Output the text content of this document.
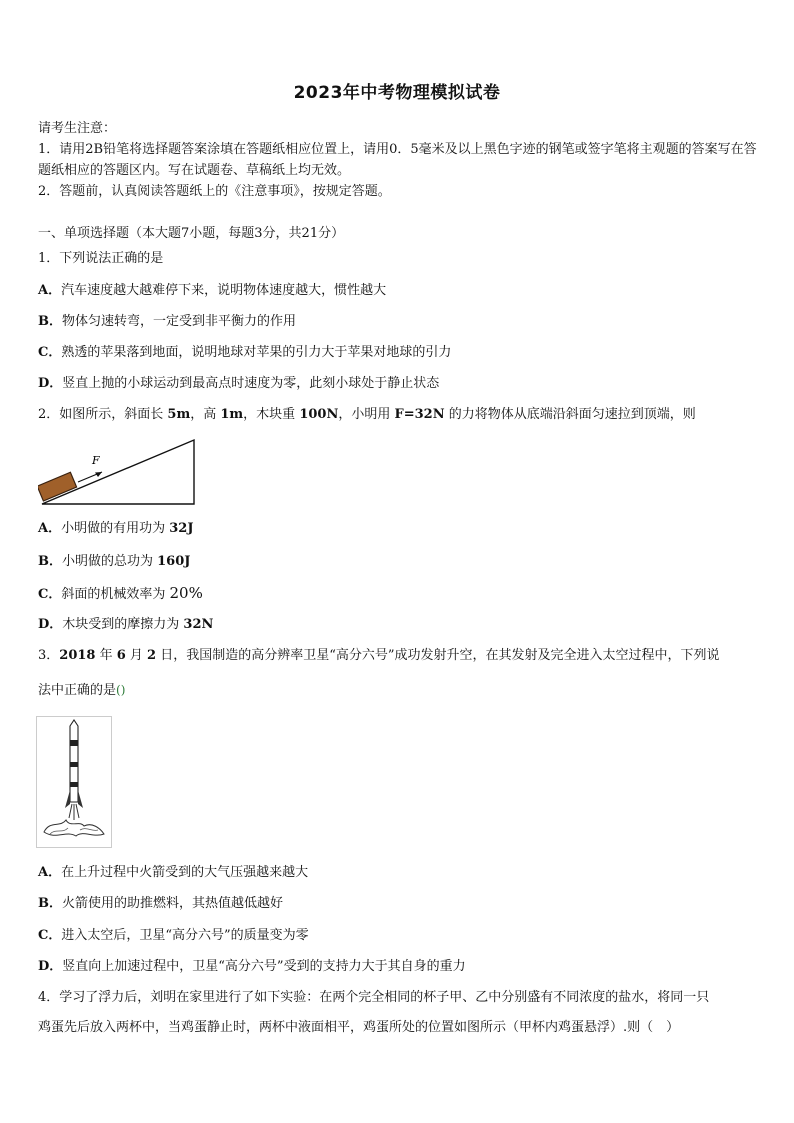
2023年中考物理模拟试卷
请考生注意：
1．请用2B铅笔将选择题答案涂填在答题纸相应位置上，请用0．5毫米及以上黑色字迹的钢笔或签字笔将主观题的答案写在答题纸相应的答题区内。写在试题卷、草稿纸上均无效。
2．答题前，认真阅读答题纸上的《注意事项》，按规定答题。
一、单项选择题（本大题7小题，每题3分，共21分）
1．下列说法正确的是
A．汽车速度越大越难停下来，说明物体速度越大，惯性越大
B．物体匀速转弯，一定受到非平衡力的作用
C．熟透的苹果落到地面，说明地球对苹果的引力大于苹果对地球的引力
D．竖直上抛的小球运动到最高点时速度为零，此刻小球处于静止状态
2．如图所示，斜面长 5m，高 1m，木块重 100N，小明用 F=32N 的力将物体从底端沿斜面匀速拉到顶端，则
F
A．小明做的有用功为 32J
B．小明做的总功为 160J
C．斜面的机械效率为 20%
D．木块受到的摩擦力为 32N
3．2018 年 6 月 2 日，我国制造的高分辨率卫星“高分六号”成功发射升空，在其发射及完全进入太空过程中，下列说
法中正确的是()
A．在上升过程中火箭受到的大气压强越来越大
B．火箭使用的助推燃料，其热值越低越好
C．进入太空后，卫星“高分六号”的质量变为零
D．竖直向上加速过程中，卫星“高分六号”受到的支持力大于其自身的重力
4．学习了浮力后，刘明在家里进行了如下实验：在两个完全相同的杯子甲、乙中分别盛有不同浓度的盐水，将同一只
鸡蛋先后放入两杯中，当鸡蛋静止时，两杯中液面相平，鸡蛋所处的位置如图所示（甲杯内鸡蛋悬浮）.则（　）
